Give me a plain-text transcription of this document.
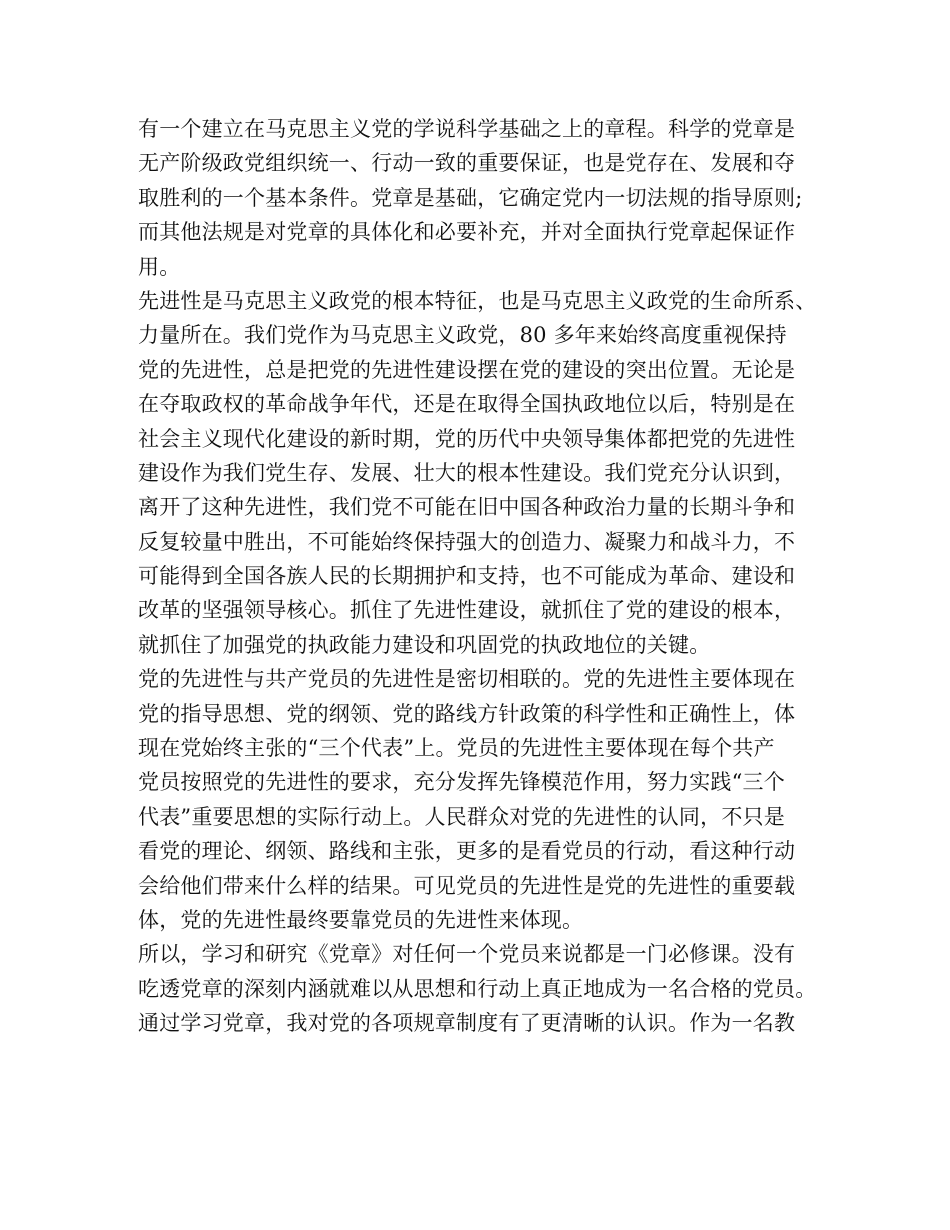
有一个建立在马克思主义党的学说科学基础之上的章程。科学的党章是
无产阶级政党组织统一、行动一致的重要保证，也是党存在、发展和夺
取胜利的一个基本条件。党章是基础，它确定党内一切法规的指导原则;
而其他法规是对党章的具体化和必要补充，并对全面执行党章起保证作
用。
先进性是马克思主义政党的根本特征，也是马克思主义政党的生命所系、
力量所在。我们党作为马克思主义政党，80 多年来始终高度重视保持
党的先进性，总是把党的先进性建设摆在党的建设的突出位置。无论是
在夺取政权的革命战争年代，还是在取得全国执政地位以后，特别是在
社会主义现代化建设的新时期，党的历代中央领导集体都把党的先进性
建设作为我们党生存、发展、壮大的根本性建设。我们党充分认识到，
离开了这种先进性，我们党不可能在旧中国各种政治力量的长期斗争和
反复较量中胜出，不可能始终保持强大的创造力、凝聚力和战斗力，不
可能得到全国各族人民的长期拥护和支持，也不可能成为革命、建设和
改革的坚强领导核心。抓住了先进性建设，就抓住了党的建设的根本，
就抓住了加强党的执政能力建设和巩固党的执政地位的关键。
党的先进性与共产党员的先进性是密切相联的。党的先进性主要体现在
党的指导思想、党的纲领、党的路线方针政策的科学性和正确性上，体
现在党始终主张的“三个代表”上。党员的先进性主要体现在每个共产
党员按照党的先进性的要求，充分发挥先锋模范作用，努力实践“三个
代表”重要思想的实际行动上。人民群众对党的先进性的认同，不只是
看党的理论、纲领、路线和主张，更多的是看党员的行动，看这种行动
会给他们带来什么样的结果。可见党员的先进性是党的先进性的重要载
体，党的先进性最终要靠党员的先进性来体现。
所以，学习和研究《党章》对任何一个党员来说都是一门必修课。没有
吃透党章的深刻内涵就难以从思想和行动上真正地成为一名合格的党员。
通过学习党章，我对党的各项规章制度有了更清晰的认识。作为一名教
